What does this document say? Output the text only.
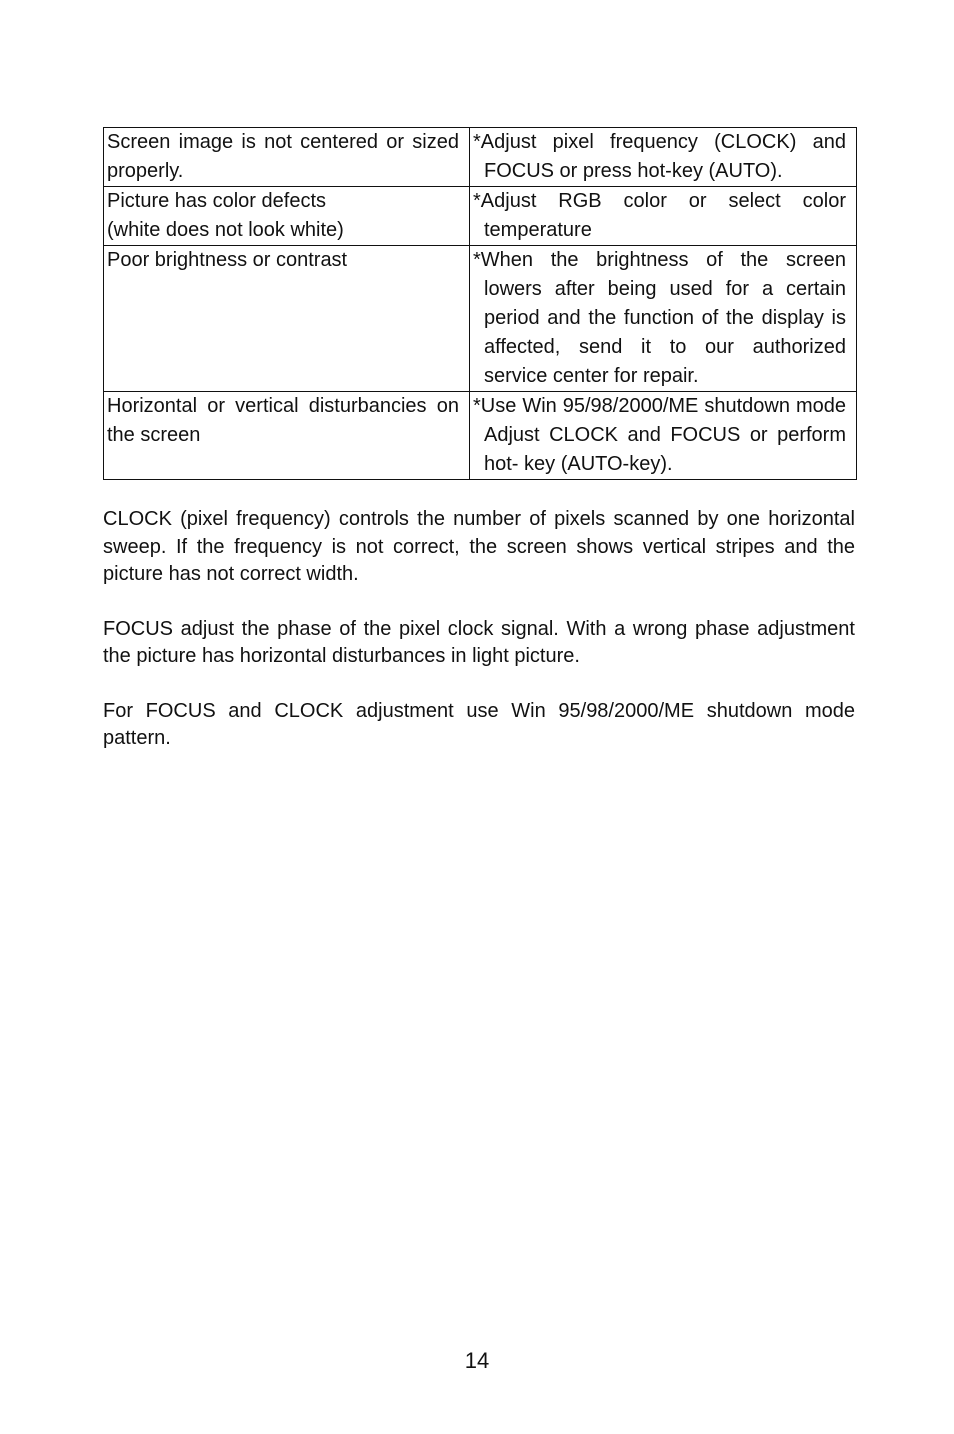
Screen image is not centered or sized properly.	*Adjust pixel frequency (CLOCK) and FOCUS or press hot-key (AUTO).

Picture has color defects
(white does not look white)	*Adjust RGB color or select color temperature

Poor brightness or contrast	*When the brightness of the screen lowers after being used for a certain period and the function of the display is affected, send it to our authorized service center for repair.

Horizontal or vertical disturbancies on the screen	*Use Win 95/98/2000/ME shutdown mode Adjust CLOCK and FOCUS or perform hot- key (AUTO-key).

CLOCK (pixel frequency) controls the number of pixels scanned by one horizontal sweep. If the frequency is not correct, the screen shows vertical stripes and the picture has not correct width.

FOCUS adjust the phase of the pixel clock signal. With a wrong phase adjustment the picture has horizontal disturbances in light picture.

For FOCUS and CLOCK adjustment use Win 95/98/2000/ME shutdown mode pattern.

14
